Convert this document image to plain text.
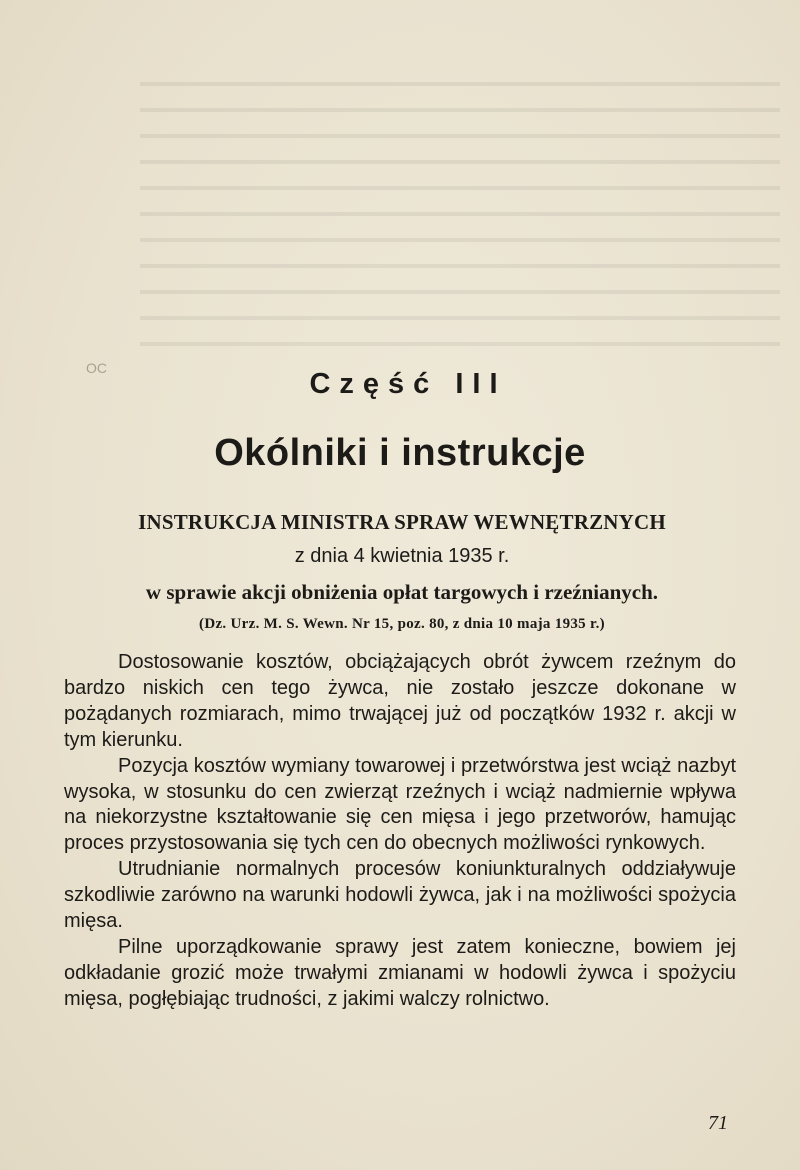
OC	Część III
Okólniki i instrukcje
INSTRUKCJA MINISTRA SPRAW WEWNĘTRZNYCH
z dnia 4 kwietnia 1935 r.
w sprawie akcji obniżenia opłat targowych i rzeźnianych.
(Dz. Urz. M. S. Wewn. Nr 15, poz. 80, z dnia 10 maja 1935 r.)

Dostosowanie kosztów, obciążających obrót żywcem rzeźnym do bardzo niskich cen tego żywca, nie zostało jeszcze dokonane w pożądanych rozmiarach, mimo trwającej już od początków 1932 r. akcji w tym kierunku.

Pozycja kosztów wymiany towarowej i przetwórstwa jest wciąż nazbyt wysoka, w stosunku do cen zwierząt rzeźnych i wciąż nadmiernie wpływa na niekorzystne kształtowanie się cen mięsa i jego przetworów, hamując proces przystosowania się tych cen do obecnych możliwości rynkowych.

Utrudnianie normalnych procesów koniunkturalnych oddziaływuje szkodliwie zarówno na warunki hodowli żywca, jak i na możliwości spożycia mięsa.

Pilne uporządkowanie sprawy jest zatem konieczne, bowiem jej odkładanie grozić może trwałymi zmianami w hodowli żywca i spożyciu mięsa, pogłębiając trudności, z jakimi walczy rolnictwo.

71
